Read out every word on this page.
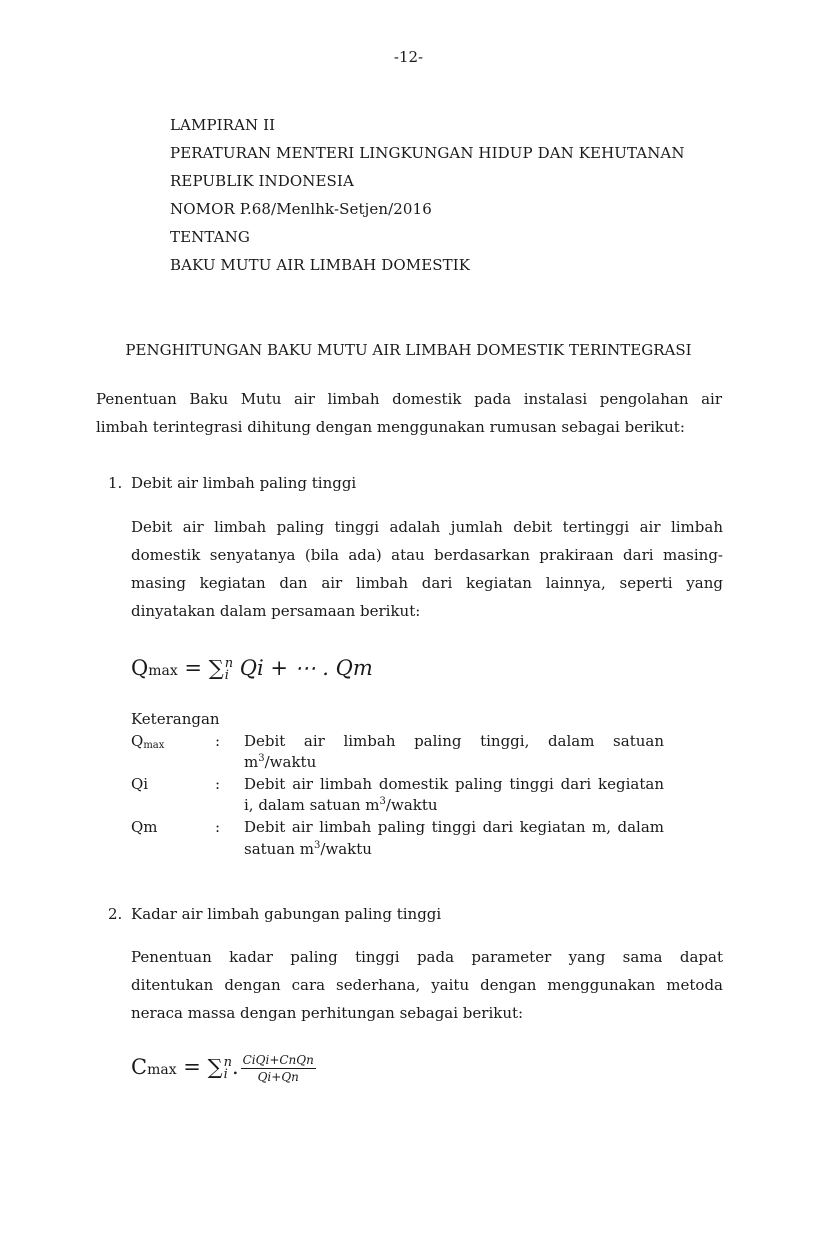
-12-
LAMPIRAN II
PERATURAN MENTERI LINGKUNGAN HIDUP DAN KEHUTANAN
REPUBLIK INDONESIA
NOMOR P.68/Menlhk-Setjen/2016
TENTANG
BAKU MUTU AIR LIMBAH DOMESTIK
PENGHITUNGAN BAKU MUTU AIR LIMBAH DOMESTIK TERINTEGRASI
Penentuan Baku Mutu air limbah domestik pada instalasi pengolahan air
limbah terintegrasi dihitung dengan menggunakan rumusan sebagai berikut:
1. Debit air limbah paling tinggi
Debit air limbah paling tinggi adalah jumlah debit tertinggi air limbah
domestik senyatanya (bila ada) atau berdasarkan prakiraan dari masing-
masing kegiatan dan air limbah dari kegiatan lainnya, seperti yang
dinyatakan dalam persamaan berikut:
Qmax = ∑ n
i Qi + ⋯ . Qm
Keterangan
Qmax	: Debit air limbah paling tinggi, dalam satuan
$m^3$/waktu
Qi	: Debit air limbah domestik paling tinggi dari kegiatan
i, dalam satuan $m^3$/waktu
Qm	: Debit air limbah paling tinggi dari kegiatan m, dalam
satuan $m^3$/waktu
2. Kadar air limbah gabungan paling tinggi
Penentuan kadar paling tinggi pada parameter yang sama dapat
ditentukan dengan cara sederhana, yaitu dengan menggunakan metoda
neraca massa dengan perhitungan sebagai berikut:
Cmax = ∑ n
i . $\frac{\text{CiQi+CnQn}}{Qi+Qn}$
